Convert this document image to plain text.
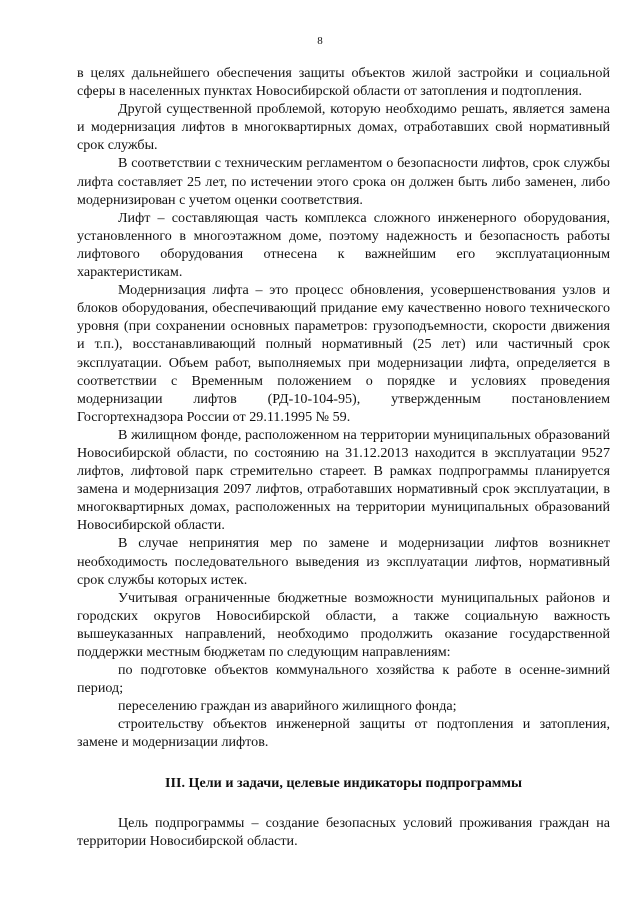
8

в целях дальнейшего обеспечения защиты объектов жилой застройки и социальной сферы в населенных пунктах Новосибирской области от затопления и подтопления.

Другой существенной проблемой, которую необходимо решать, является замена и модернизация лифтов в многоквартирных домах, отработавших свой нормативный срок службы.

В соответствии с техническим регламентом о безопасности лифтов, срок службы лифта составляет 25 лет, по истечении этого срока он должен быть либо заменен, либо модернизирован с учетом оценки соответствия.

Лифт – составляющая часть комплекса сложного инженерного оборудования, установленного в многоэтажном доме, поэтому надежность и безопасность работы лифтового оборудования отнесена к важнейшим его эксплуатационным характеристикам.

Модернизация лифта – это процесс обновления, усовершенствования узлов и блоков оборудования, обеспечивающий придание ему качественно нового технического уровня (при сохранении основных параметров: грузоподъемности, скорости движения и т.п.), восстанавливающий полный нормативный (25 лет) или частичный срок эксплуатации. Объем работ, выполняемых при модернизации лифта, определяется в соответствии с Временным положением о порядке и условиях проведения модернизации лифтов (РД-10-104-95), утвержденным постановлением Госгортехнадзора России от 29.11.1995 № 59.

В жилищном фонде, расположенном на территории муниципальных образований Новосибирской области, по состоянию на 31.12.2013 находится в эксплуатации 9527 лифтов, лифтовой парк стремительно стареет. В рамках подпрограммы планируется замена и модернизация 2097 лифтов, отработавших нормативный срок эксплуатации, в многоквартирных домах, расположенных на территории муниципальных образований Новосибирской области.

В случае непринятия мер по замене и модернизации лифтов возникнет необходимость последовательного выведения из эксплуатации лифтов, нормативный срок службы которых истек.

Учитывая ограниченные бюджетные возможности муниципальных районов и городских округов Новосибирской области, а также социальную важность вышеуказанных направлений, необходимо продолжить оказание государственной поддержки местным бюджетам по следующим направлениям:

по подготовке объектов коммунального хозяйства к работе в осенне-зимний период;

переселению граждан из аварийного жилищного фонда;

строительству объектов инженерной защиты от подтопления и затопления, замене и модернизации лифтов.

III. Цели и задачи, целевые индикаторы подпрограммы

Цель подпрограммы – создание безопасных условий проживания граждан на территории Новосибирской области.
